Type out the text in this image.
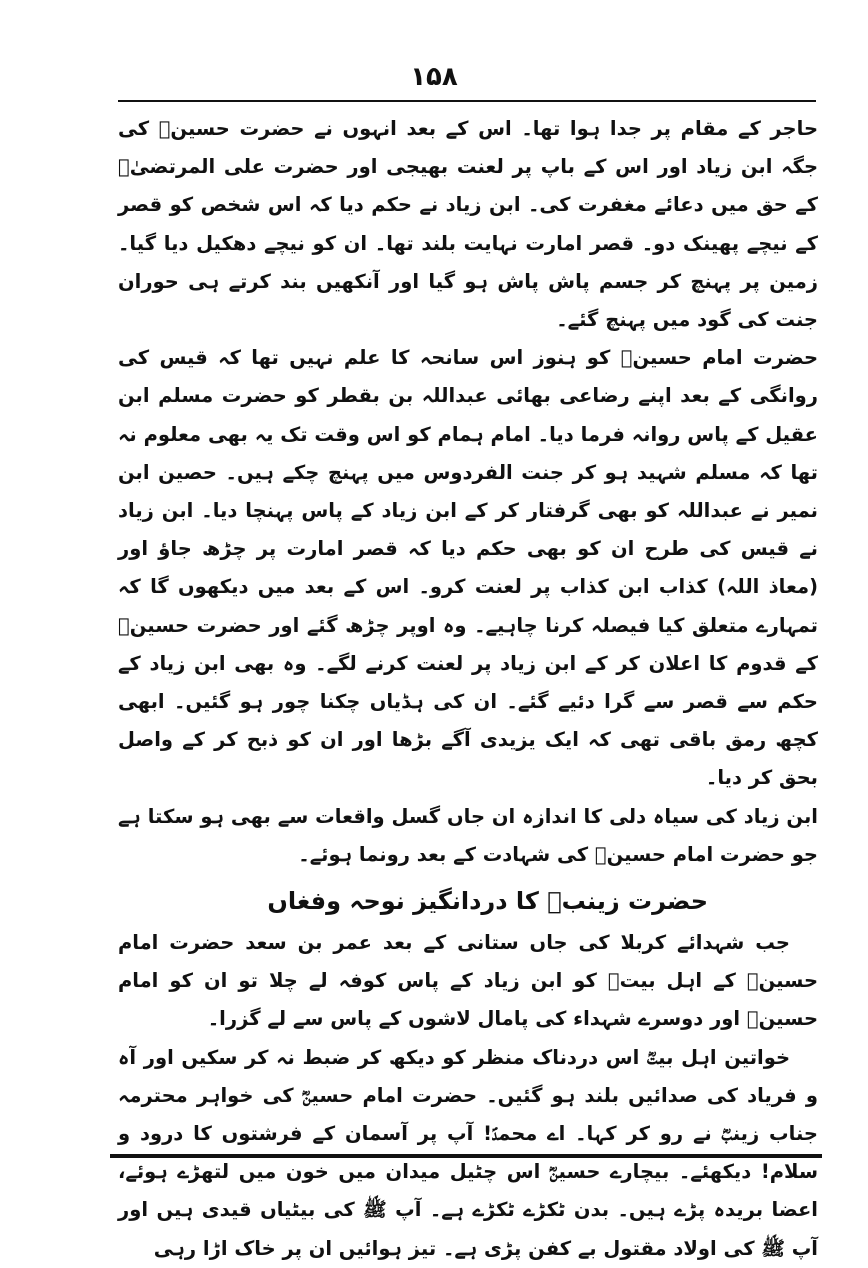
۱۵۸

حاجر کے مقام پر جدا ہوا تھا۔ اس کے بعد انہوں نے حضرت حسینؓ کی جگہ ابن زیاد اور اس کے باپ پر لعنت بھیجی اور حضرت علی المرتضیٰؓ کے حق میں دعائے مغفرت کی۔ ابن زیاد نے حکم دیا کہ اس شخص کو قصر کے نیچے پھینک دو۔ قصر امارت نہایت بلند تھا۔ ان کو نیچے دھکیل دیا گیا۔ زمین پر پہنچ کر جسم پاش پاش ہو گیا اور آنکھیں بند کرتے ہی حوران جنت کی گود میں پہنچ گئے۔

حضرت امام حسینؓ کو ہنوز اس سانحہ کا علم نہیں تھا کہ قیس کی روانگی کے بعد اپنے رضاعی بھائی عبداللہ بن بقطر کو حضرت مسلم ابن عقیل کے پاس روانہ فرما دیا۔ امام ہمام کو اس وقت تک یہ بھی معلوم نہ تھا کہ مسلم شہید ہو کر جنت الفردوس میں پہنچ چکے ہیں۔ حصین ابن نمیر نے عبداللہ کو بھی گرفتار کر کے ابن زیاد کے پاس پہنچا دیا۔ ابن زیاد نے قیس کی طرح ان کو بھی حکم دیا کہ قصر امارت پر چڑھ جاؤ اور (معاذ اللہ) کذاب ابن کذاب پر لعنت کرو۔ اس کے بعد میں دیکھوں گا کہ تمہارے متعلق کیا فیصلہ کرنا چاہیے۔ وہ اوپر چڑھ گئے اور حضرت حسینؓ کے قدوم کا اعلان کر کے ابن زیاد پر لعنت کرنے لگے۔ وہ بھی ابن زیاد کے حکم سے قصر سے گرا دئیے گئے۔ ان کی ہڈیاں چکنا چور ہو گئیں۔ ابھی کچھ رمق باقی تھی کہ ایک یزیدی آگے بڑھا اور ان کو ذبح کر کے واصل بحق کر دیا۔

ابن زیاد کی سیاہ دلی کا اندازہ ان جاں گسل واقعات سے بھی ہو سکتا ہے جو حضرت امام حسینؓ کی شہادت کے بعد رونما ہوئے۔

حضرت زینبؓ کا دردانگیز نوحہ وفغاں

جب شہدائے کربلا کی جاں ستانی کے بعد عمر بن سعد حضرت امام حسینؓ کے اہل بیتؓ کو ابن زیاد کے پاس کوفہ لے چلا تو ان کو امام حسینؓ اور دوسرے شہداء کی پامال لاشوں کے پاس سے لے گزرا۔

خواتین اہل بیتؓ اس دردناک منظر کو دیکھ کر ضبط نہ کر سکیں اور آہ و فریاد کی صدائیں بلند ہو گئیں۔ حضرت امام حسینؓ کی خواہر محترمہ جناب زینبؓ نے رو کر کہا۔ اے محمدؐ! آپ پر آسمان کے فرشتوں کا درود و سلام! دیکھئے۔ بیچارے حسینؓ اس چٹیل میدان میں خون میں لتھڑے ہوئے، اعضا بریدہ پڑے ہیں۔ بدن ٹکڑے ٹکڑے ہے۔ آپ ﷺ کی بیٹیاں قیدی ہیں اور آپ ﷺ کی اولاد مقتول بے کفن پڑی ہے۔ تیز ہوائیں ان پر خاک اڑا رہی
